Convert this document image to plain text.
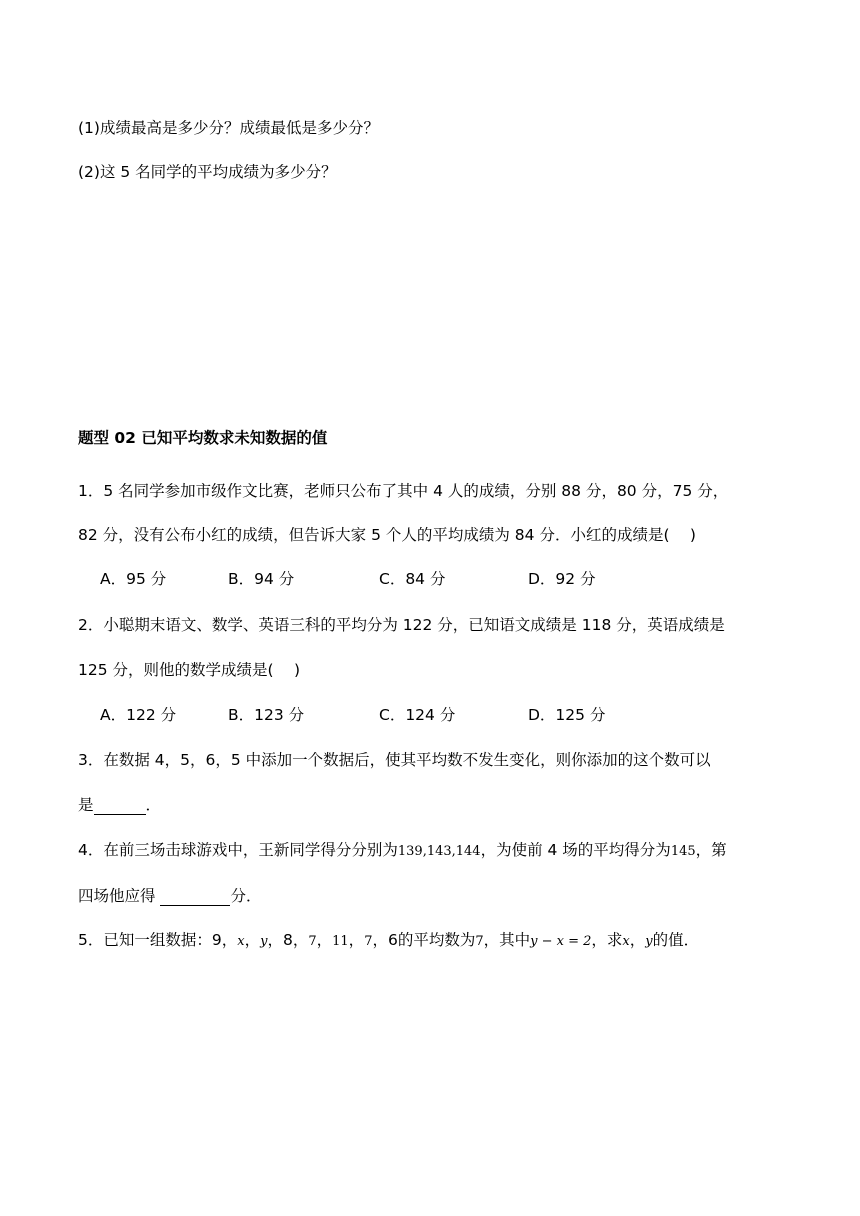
(1)成绩最高是多少分？成绩最低是多少分？
(2)这 5 名同学的平均成绩为多少分？
题型 02 已知平均数求未知数据的值
1．5 名同学参加市级作文比赛，老师只公布了其中 4 人的成绩，分别 88 分，80 分，75 分，
82 分，没有公布小红的成绩，但告诉大家 5 个人的平均成绩为 84 分．小红的成绩是(　 )
A．95 分	B．94 分	C．84 分	D．92 分
2．小聪期末语文、数学、英语三科的平均分为 122 分，已知语文成绩是 118 分，英语成绩是
125 分，则他的数学成绩是(　 )
A．122 分	B．123 分	C．124 分	D．125 分
3．在数据 4，5，6，5 中添加一个数据后，使其平均数不发生变化，则你添加的这个数可以
是	．
4．在前三场击球游戏中，王新同学得分分别为139,143,144，为使前 4 场的平均得分为145，第
四场他应得	分．
5．已知一组数据：9，x，y，8，7，11，7，6的平均数为7，其中y − x = 2，求x，y的值．
